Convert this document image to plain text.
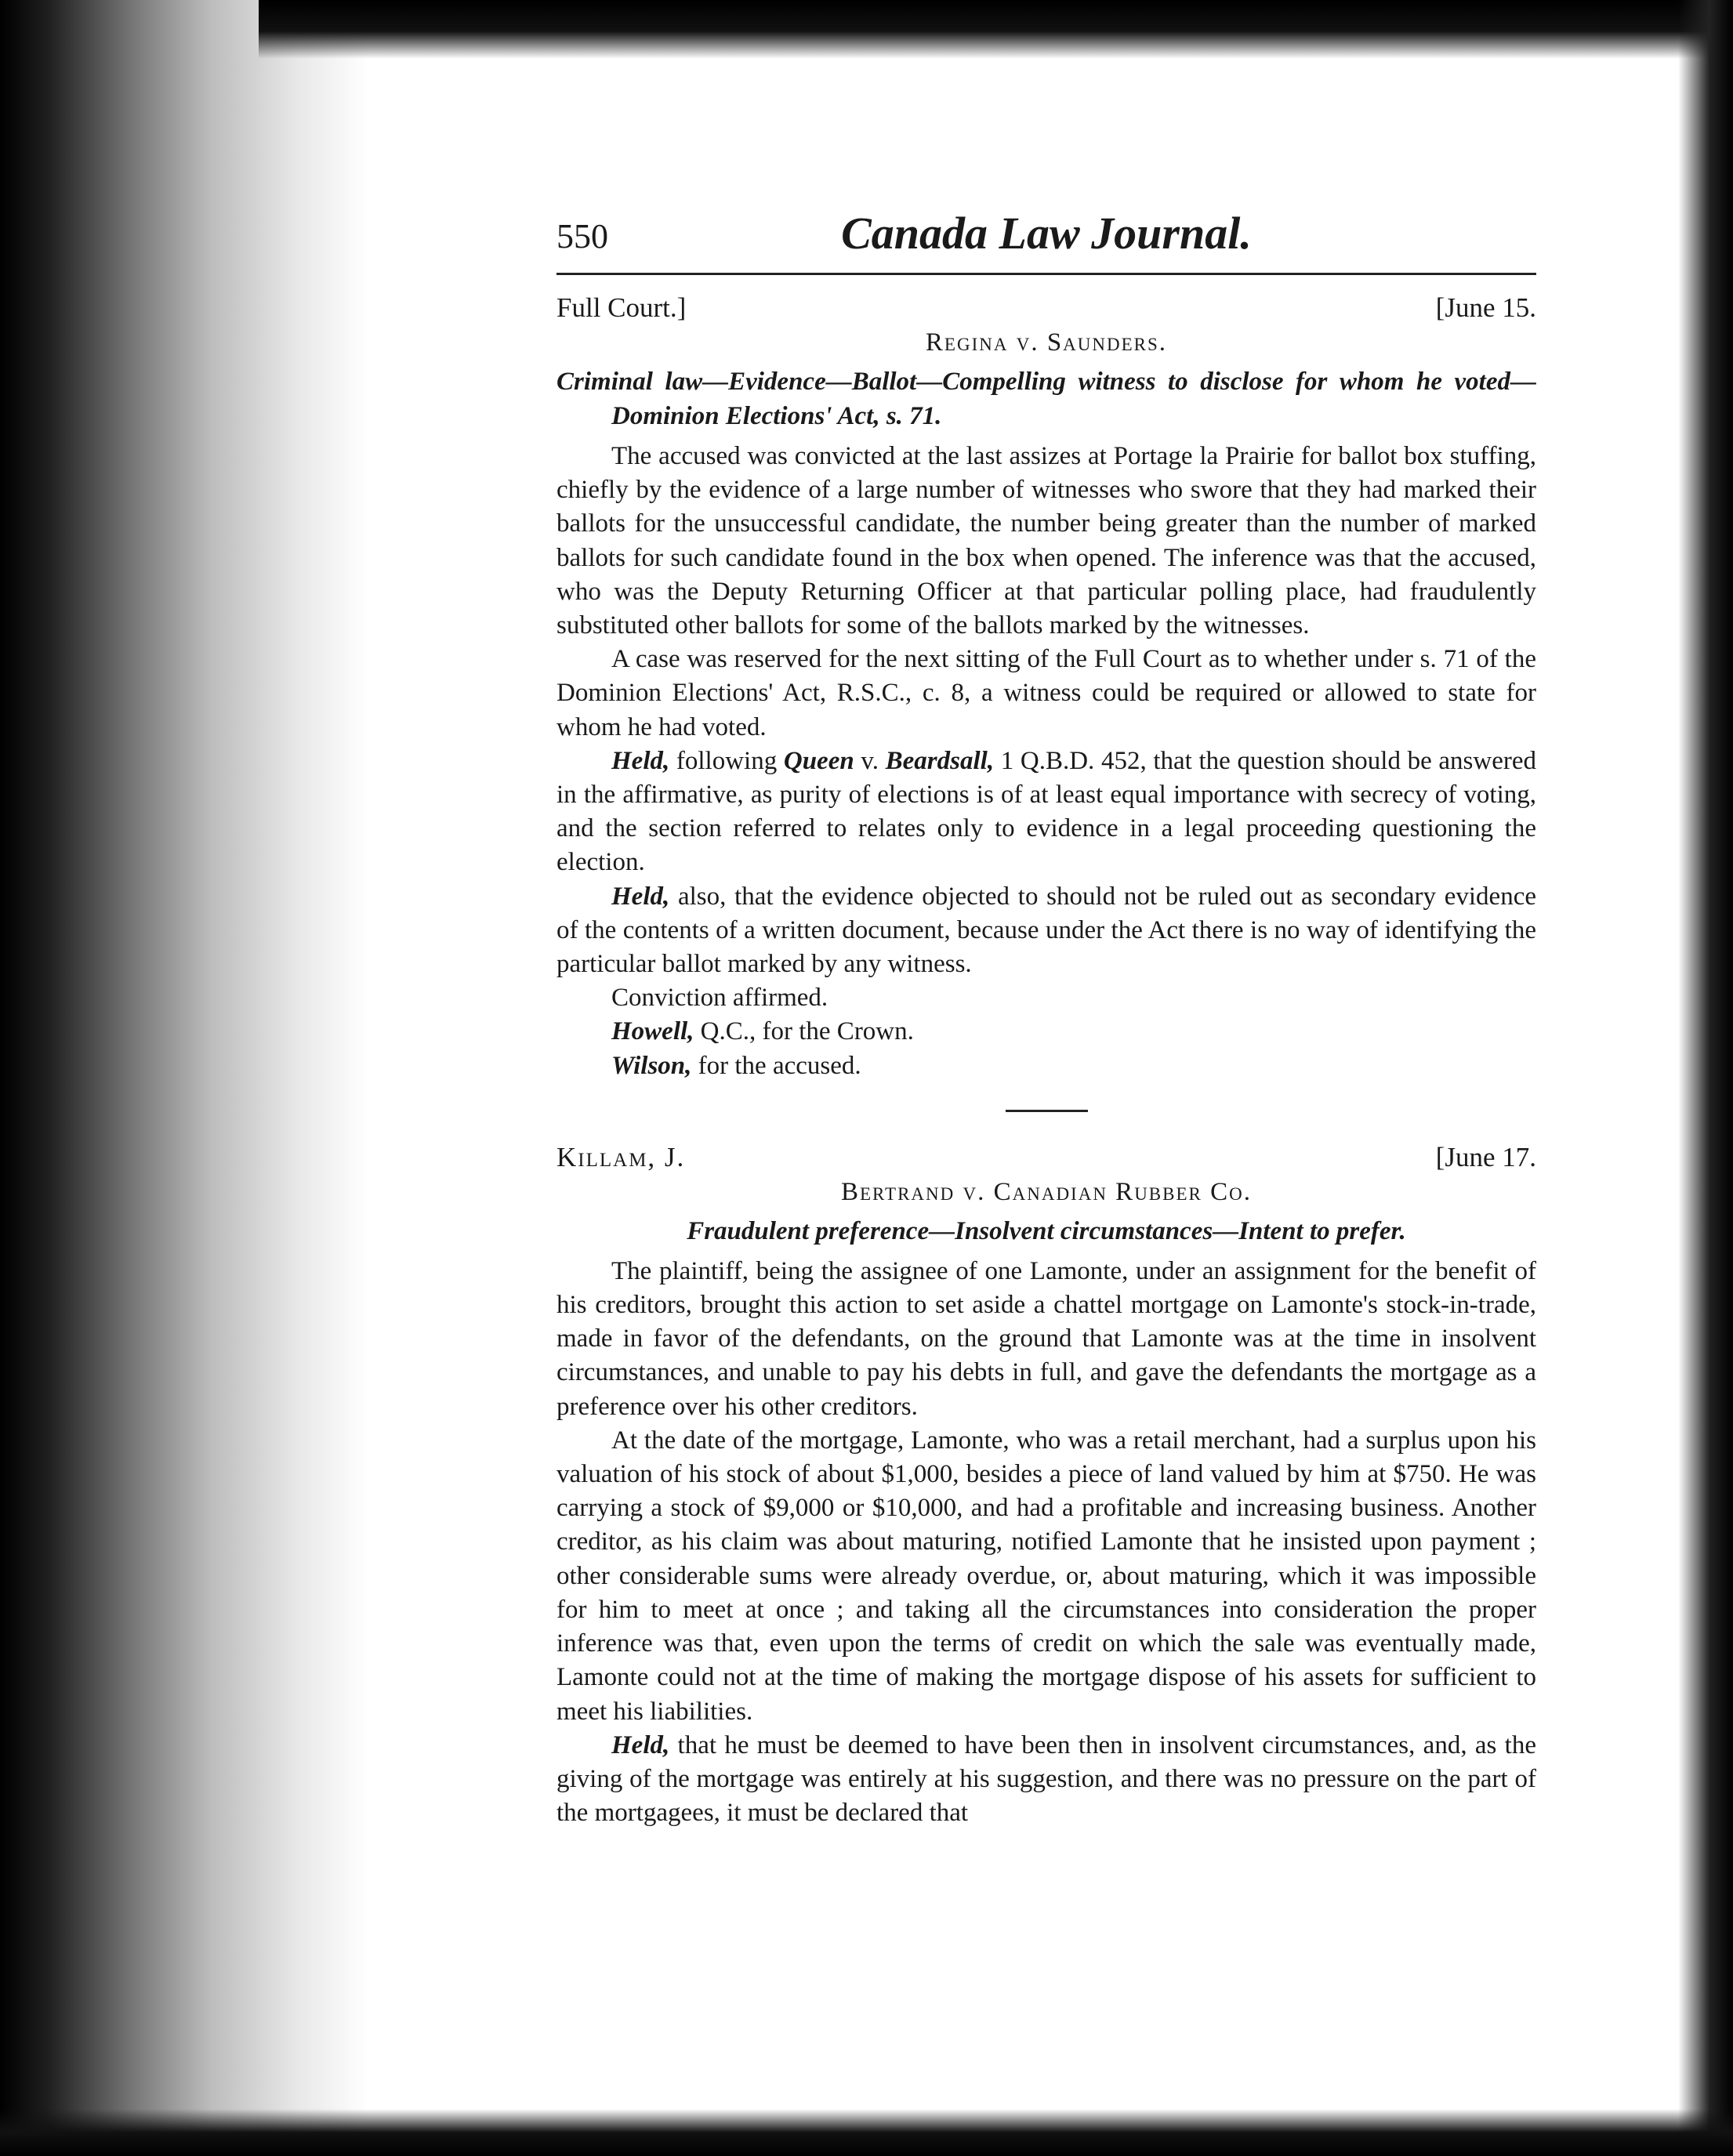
550	Canada Law Journal.
Full Court.]	[June 15.
Regina v. Saunders.
Criminal law—Evidence—Ballot—Compelling witness to disclose for whom he voted—Dominion Elections' Act, s. 71.

The accused was convicted at the last assizes at Portage la Prairie for ballot box stuffing, chiefly by the evidence of a large number of witnesses who swore that they had marked their ballots for the unsuccessful candidate, the number being greater than the number of marked ballots for such candidate found in the box when opened. The inference was that the accused, who was the Deputy Returning Officer at that particular polling place, had fraudulently substituted other ballots for some of the ballots marked by the witnesses.

A case was reserved for the next sitting of the Full Court as to whether under s. 71 of the Dominion Elections' Act, R.S.C., c. 8, a witness could be required or allowed to state for whom he had voted.

Held, following Queen v. Beardsall, 1 Q.B.D. 452, that the question should be answered in the affirmative, as purity of elections is of at least equal importance with secrecy of voting, and the section referred to relates only to evidence in a legal proceeding questioning the election.

Held, also, that the evidence objected to should not be ruled out as secondary evidence of the contents of a written document, because under the Act there is no way of identifying the particular ballot marked by any witness.

Conviction affirmed.

Howell, Q.C., for the Crown.

Wilson, for the accused.

Killam, J.	[June 17.
Bertrand v. Canadian Rubber Co.
Fraudulent preference—Insolvent circumstances—Intent to prefer.

The plaintiff, being the assignee of one Lamonte, under an assignment for the benefit of his creditors, brought this action to set aside a chattel mortgage on Lamonte's stock-in-trade, made in favor of the defendants, on the ground that Lamonte was at the time in insolvent circumstances, and unable to pay his debts in full, and gave the defendants the mortgage as a preference over his other creditors.

At the date of the mortgage, Lamonte, who was a retail merchant, had a surplus upon his valuation of his stock of about $1,000, besides a piece of land valued by him at $750. He was carrying a stock of $9,000 or $10,000, and had a profitable and increasing business. Another creditor, as his claim was about maturing, notified Lamonte that he insisted upon payment ; other considerable sums were already overdue, or, about maturing, which it was impossible for him to meet at once ; and taking all the circumstances into consideration the proper inference was that, even upon the terms of credit on which the sale was eventually made, Lamonte could not at the time of making the mortgage dispose of his assets for sufficient to meet his liabilities.

Held, that he must be deemed to have been then in insolvent circumstances, and, as the giving of the mortgage was entirely at his suggestion, and there was no pressure on the part of the mortgagees, it must be declared that
